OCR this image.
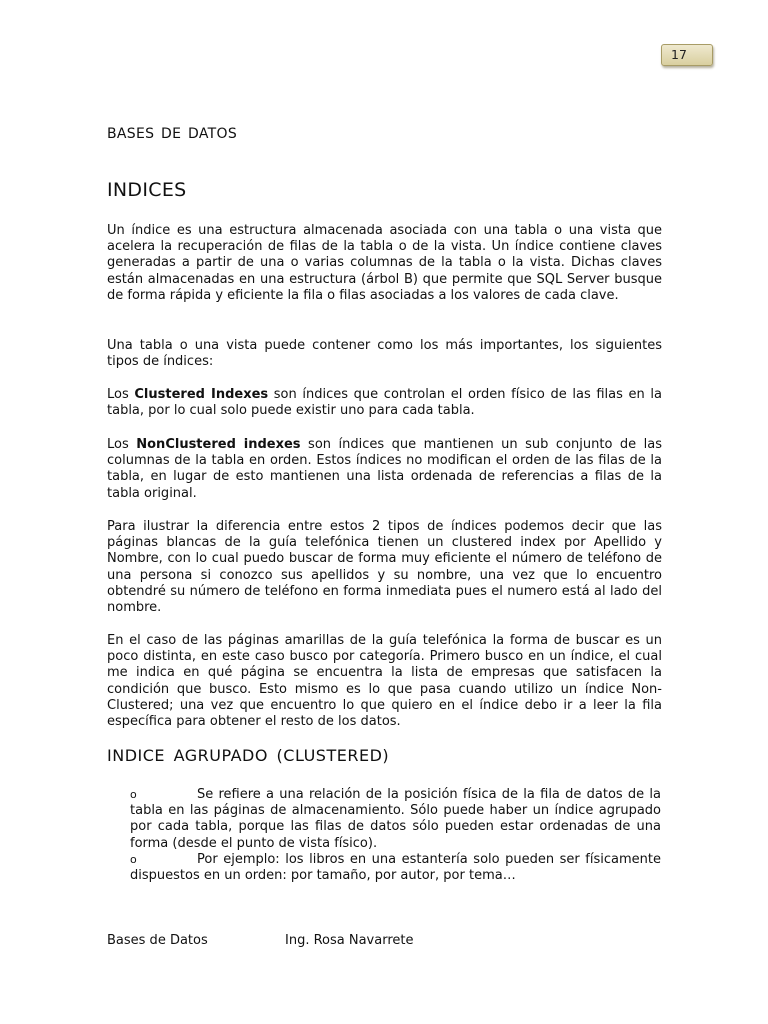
17
BASES DE DATOS
INDICES

Un índice es una estructura almacenada asociada con una tabla o una vista que acelera la recuperación de filas de la tabla o de la vista. Un índice contiene claves generadas a partir de una o varias columnas de la tabla o la vista. Dichas claves están almacenadas en una estructura (árbol B) que permite que SQL Server busque de forma rápida y eficiente la fila o filas asociadas a los valores de cada clave.

Una tabla o una vista puede contener como los más importantes, los siguientes tipos de índices:

Los Clustered Indexes son índices que controlan el orden físico de las filas en la tabla, por lo cual solo puede existir uno para cada tabla.

Los NonClustered indexes son índices que mantienen un sub conjunto de las columnas de la tabla en orden. Estos índices no modifican el orden de las filas de la tabla, en lugar de esto mantienen una lista ordenada de referencias a filas de la tabla original.

Para ilustrar la diferencia entre estos 2 tipos de índices podemos decir que las páginas blancas de la guía telefónica tienen un clustered index por Apellido y Nombre, con lo cual puedo buscar de forma muy eficiente el número de teléfono de una persona si conozco sus apellidos y su nombre, una vez que lo encuentro obtendré su número de teléfono en forma inmediata pues el numero está al lado del nombre.

En el caso de las páginas amarillas de la guía telefónica la forma de buscar es un poco distinta, en este caso busco por categoría. Primero busco en un índice, el cual me indica en qué página se encuentra la lista de empresas que satisfacen la condición que busco. Esto mismo es lo que pasa cuando utilizo un índice Non-Clustered; una vez que encuentro lo que quiero en el índice debo ir a leer la fila específica para obtener el resto de los datos.

INDICE AGRUPADO (CLUSTERED)

o	Se refiere a una relación de la posición física de la fila de datos de la tabla en las páginas de almacenamiento. Sólo puede haber un índice agrupado por cada tabla, porque las filas de datos sólo pueden estar ordenadas de una forma (desde el punto de vista físico).

o	Por ejemplo: los libros en una estantería solo pueden ser físicamente dispuestos en un orden: por tamaño, por autor, por tema…

Bases de Datos	Ing. Rosa Navarrete
